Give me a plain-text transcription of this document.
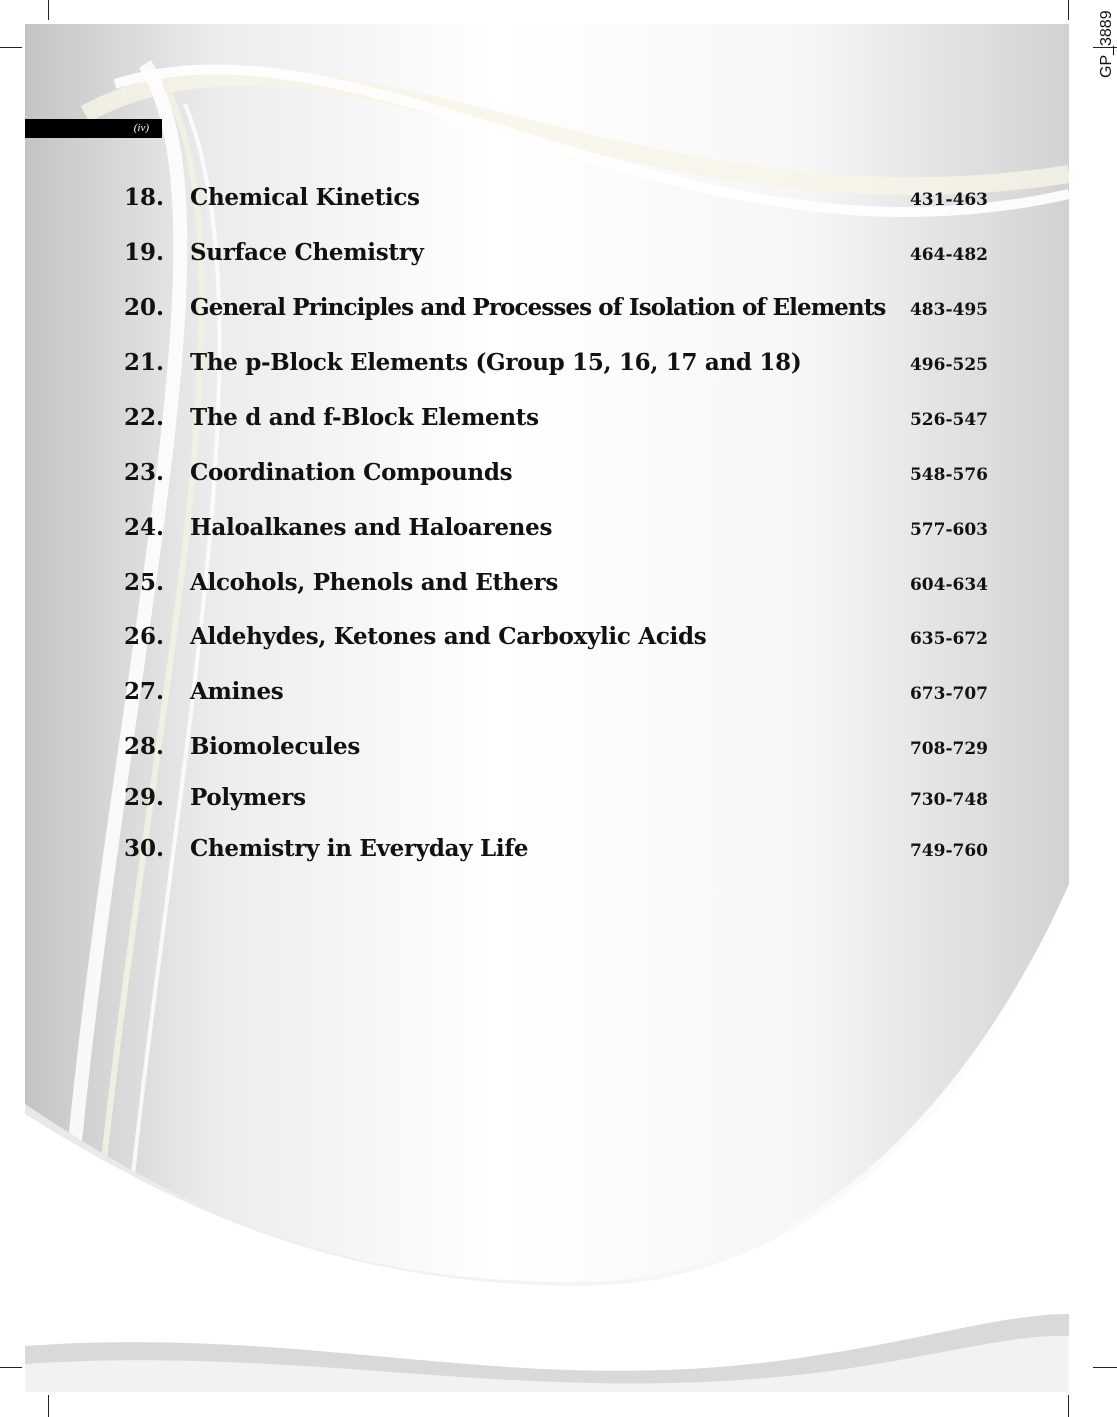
(iv)
GP_3889
18. Chemical Kinetics	431-463
19. Surface Chemistry	464-482
20. General Principles and Processes of Isolation of Elements 483-495
21. The p-Block Elements (Group 15, 16, 17 and 18)	496-525
22. The d and f-Block Elements	526-547
23. Coordination Compounds	548-576
24. Haloalkanes and Haloarenes	577-603
25. Alcohols, Phenols and Ethers	604-634
26. Aldehydes, Ketones and Carboxylic Acids	635-672
27. Amines	673-707
28. Biomolecules	708-729
29. Polymers	730-748
30. Chemistry in Everyday Life	749-760
